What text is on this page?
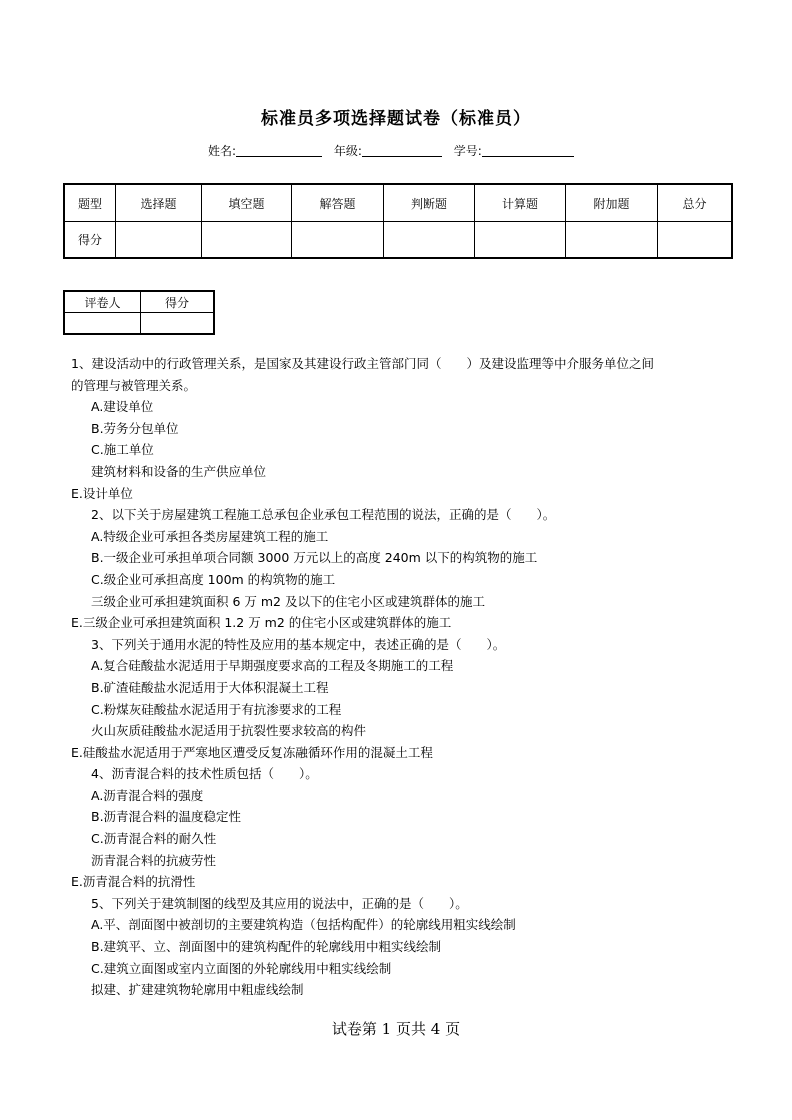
标准员多项选择题试卷（标准员）
姓名:	年级:	学号:
题型	选择题	填空题	解答题	判断题	计算题	附加题	总分
得分							
评卷人	得分

1、建设活动中的行政管理关系，是国家及其建设行政主管部门同（　　）及建设监理等中介服务单位之间
的管理与被管理关系。
A.建设单位
B.劳务分包单位
C.施工单位
建筑材料和设备的生产供应单位
E.设计单位
2、以下关于房屋建筑工程施工总承包企业承包工程范围的说法，正确的是（　　）。
A.特级企业可承担各类房屋建筑工程的施工
B.一级企业可承担单项合同额 3000 万元以上的高度 240m 以下的构筑物的施工
C.级企业可承担高度 100m 的构筑物的施工
三级企业可承担建筑面积 6 万 m2 及以下的住宅小区或建筑群体的施工
E.三级企业可承担建筑面积 1.2 万 m2 的住宅小区或建筑群体的施工
3、下列关于通用水泥的特性及应用的基本规定中，表述正确的是（　　）。
A.复合硅酸盐水泥适用于早期强度要求高的工程及冬期施工的工程
B.矿渣硅酸盐水泥适用于大体积混凝土工程
C.粉煤灰硅酸盐水泥适用于有抗渗要求的工程
火山灰质硅酸盐水泥适用于抗裂性要求较高的构件
E.硅酸盐水泥适用于严寒地区遭受反复冻融循环作用的混凝土工程
4、沥青混合料的技术性质包括（　　）。
A.沥青混合料的强度
B.沥青混合料的温度稳定性
C.沥青混合料的耐久性
沥青混合料的抗疲劳性
E.沥青混合料的抗滑性
5、下列关于建筑制图的线型及其应用的说法中，正确的是（　　）。
A.平、剖面图中被剖切的主要建筑构造（包括构配件）的轮廓线用粗实线绘制
B.建筑平、立、剖面图中的建筑构配件的轮廓线用中粗实线绘制
C.建筑立面图或室内立面图的外轮廓线用中粗实线绘制
拟建、扩建建筑物轮廓用中粗虚线绘制
试卷第 1 页共 4 页
